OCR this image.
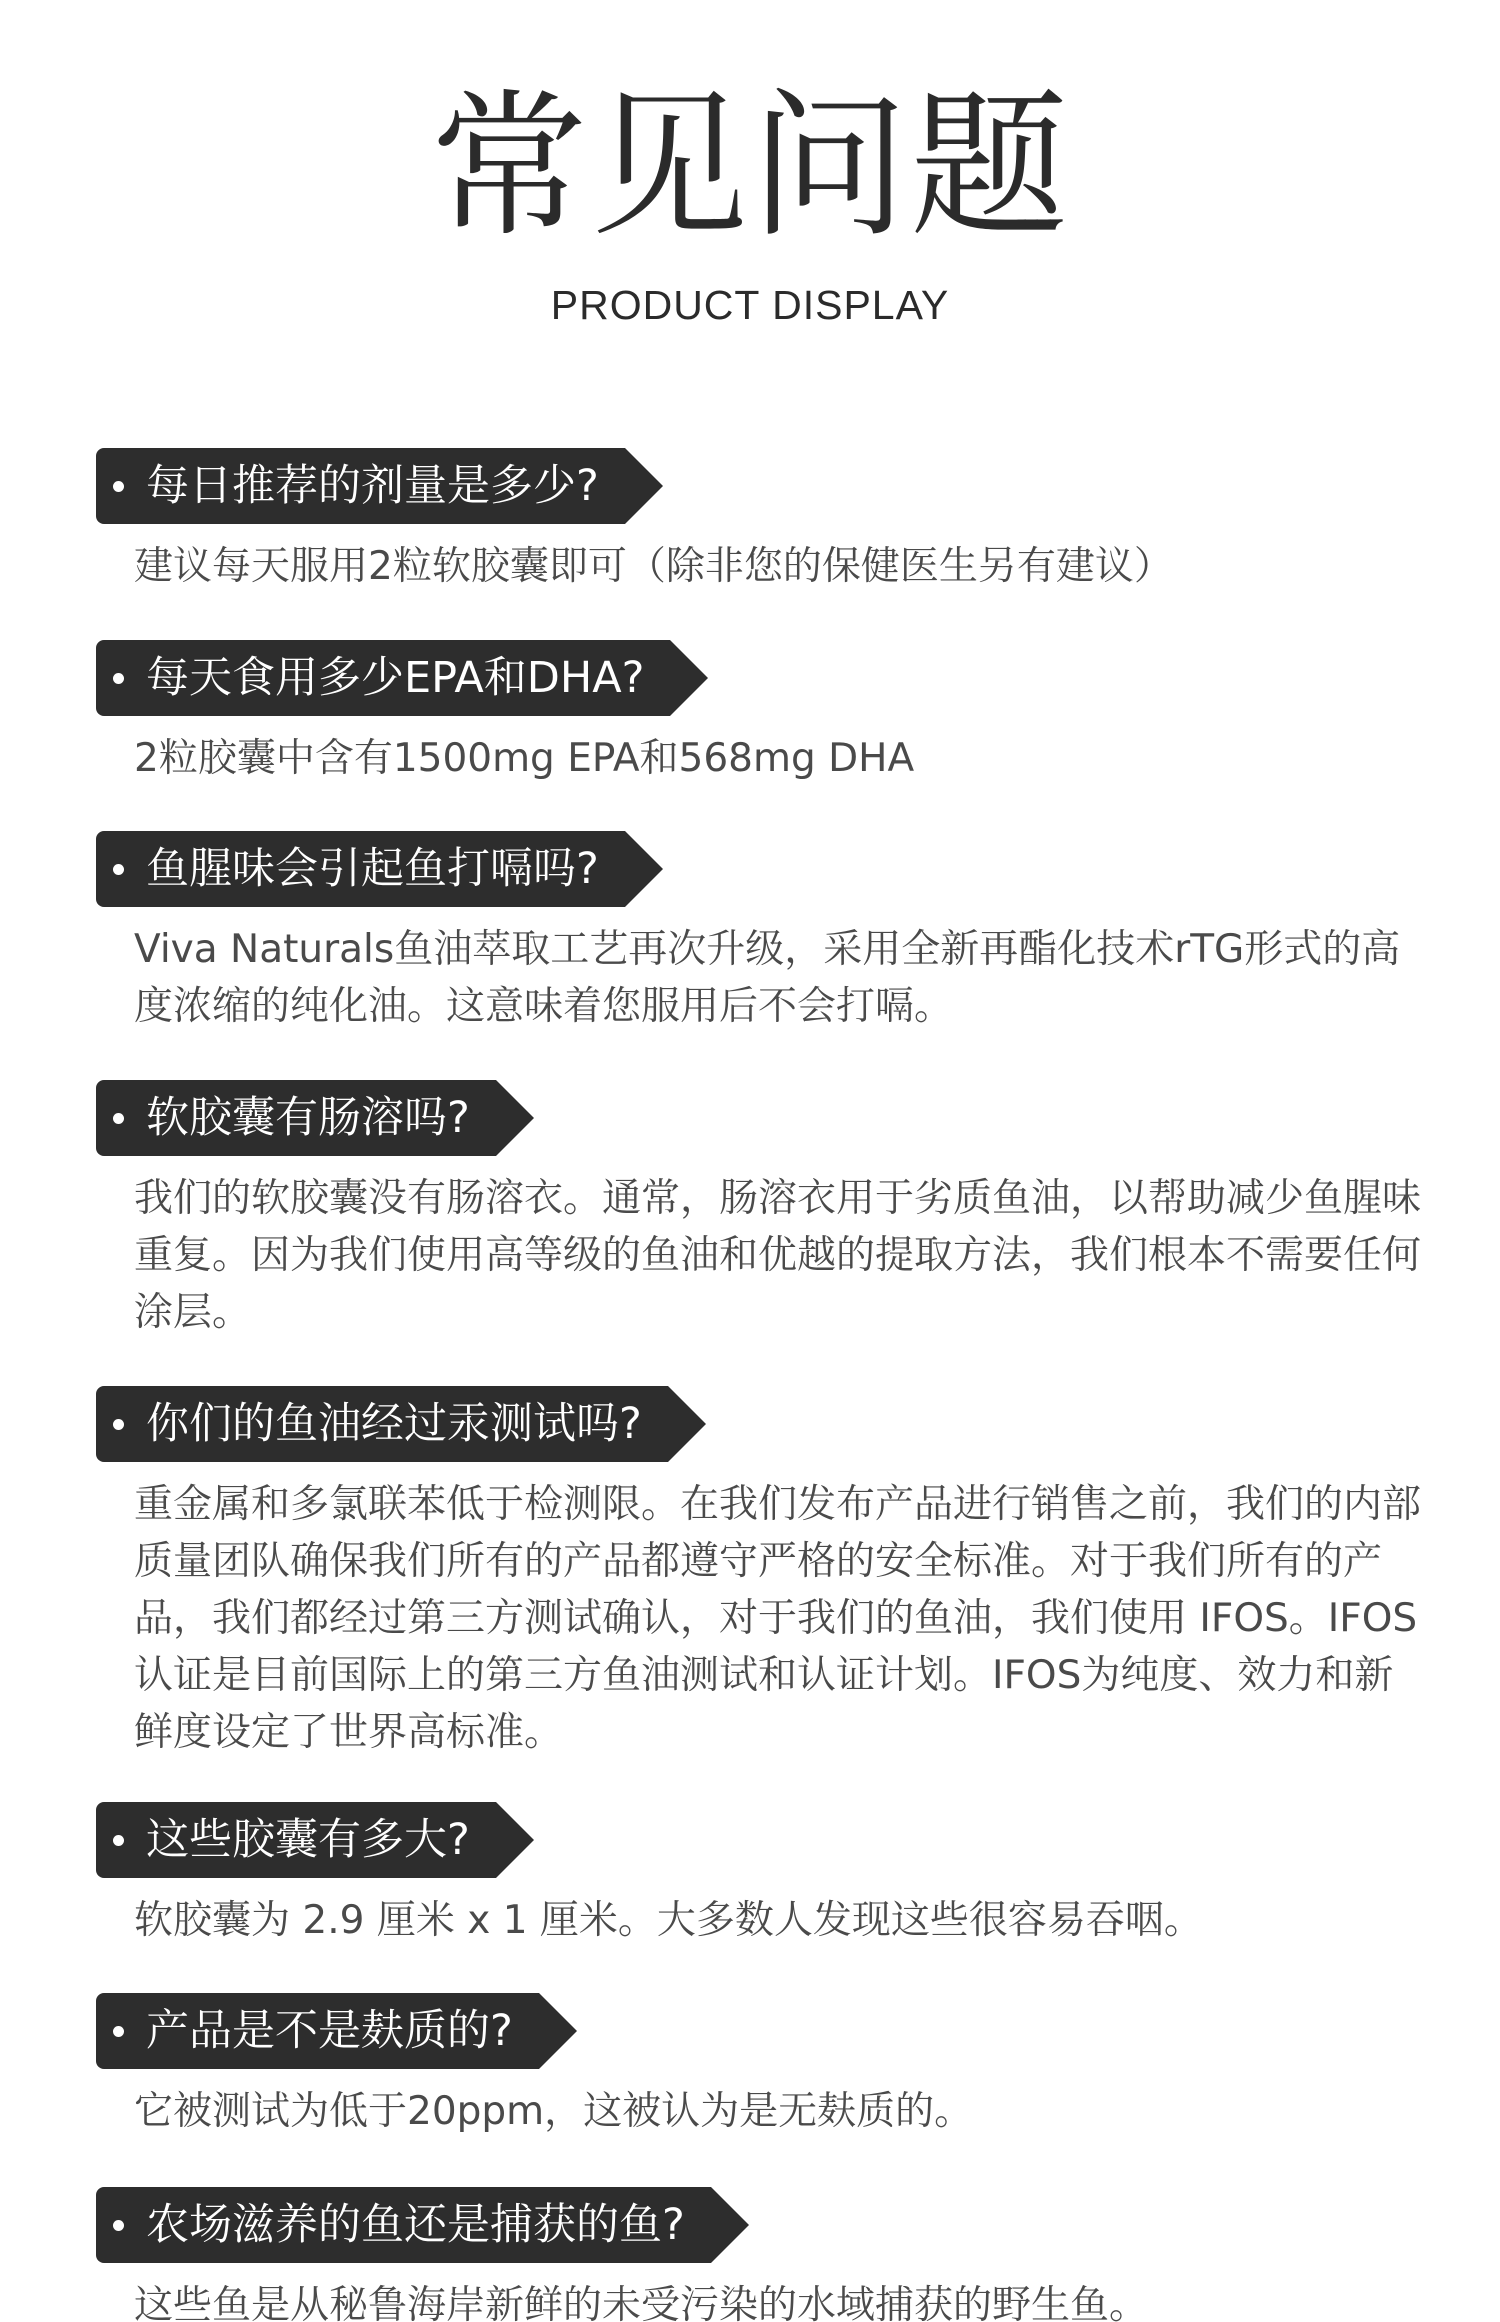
常见问题
PRODUCT DISPLAY
每日推荐的剂量是多少?
建议每天服用2粒软胶囊即可（除非您的保健医生另有建议）
每天食用多少EPA和DHA?
2粒胶囊中含有1500mg EPA和568mg DHA
鱼腥味会引起鱼打嗝吗?
Viva Naturals鱼油萃取工艺再次升级，采用全新再酯化技术rTG形式的高度浓缩的纯化油。这意味着您服用后不会打嗝。
软胶囊有肠溶吗?
我们的软胶囊没有肠溶衣。通常，肠溶衣用于劣质鱼油，以帮助减少鱼腥味重复。因为我们使用高等级的鱼油和优越的提取方法，我们根本不需要任何涂层。
你们的鱼油经过汞测试吗?
重金属和多氯联苯低于检测限。在我们发布产品进行销售之前，我们的内部质量团队确保我们所有的产品都遵守严格的安全标准。对于我们所有的产品，我们都经过第三方测试确认，对于我们的鱼油，我们使用 IFOS。IFOS认证是目前国际上的第三方鱼油测试和认证计划。IFOS为纯度、效力和新鲜度设定了世界高标准。
这些胶囊有多大?
软胶囊为 2.9 厘米 x 1 厘米。大多数人发现这些很容易吞咽。
产品是不是麸质的?
它被测试为低于20ppm，这被认为是无麸质的。
农场滋养的鱼还是捕获的鱼?
这些鱼是从秘鲁海岸新鲜的未受污染的水域捕获的野生鱼。
